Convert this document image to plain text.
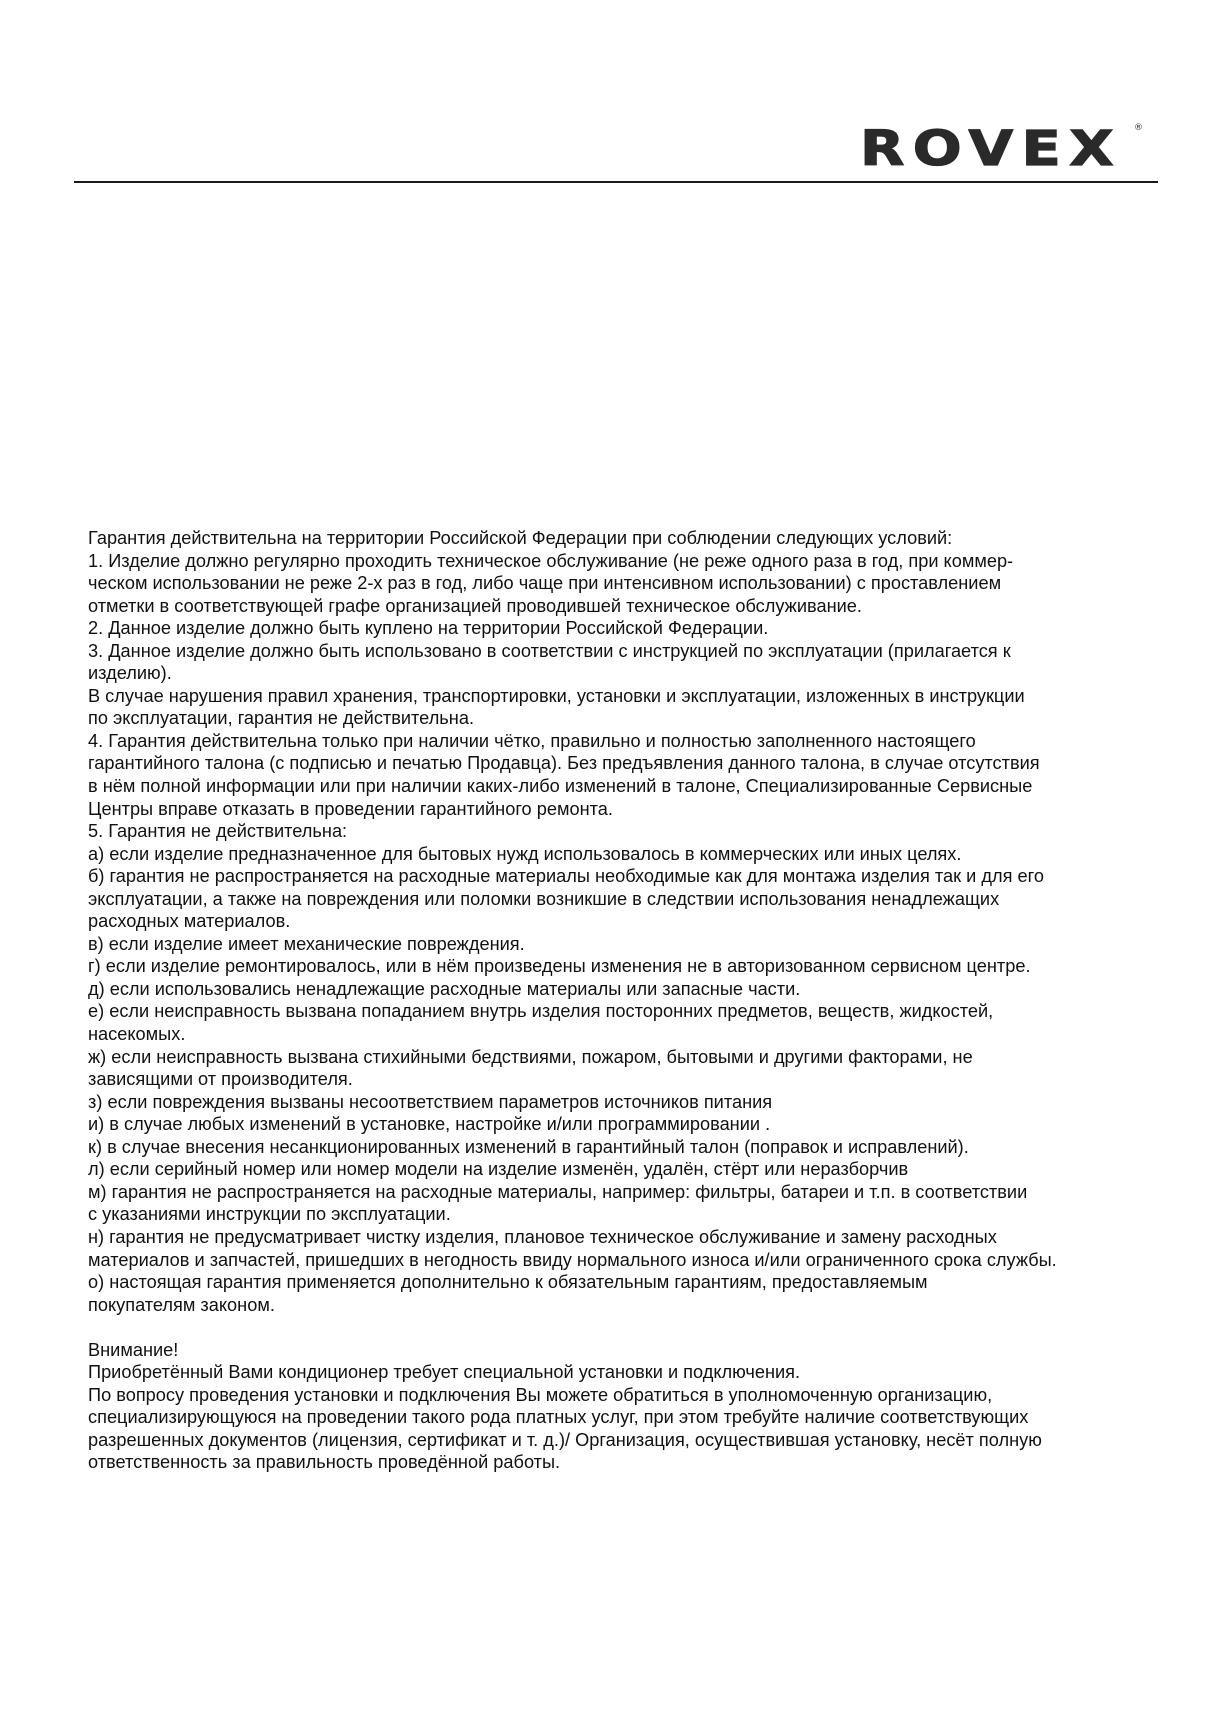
ROVEX ®
Гарантия действительна на территории Российской Федерации при соблюдении следующих условий:
1. Изделие должно регулярно проходить техническое обслуживание (не реже одного раза в год, при коммер-
ческом использовании не реже 2-х раз в год, либо чаще при интенсивном использовании) с проставлением
отметки в соответствующей графе организацией проводившей техническое обслуживание.
2. Данное изделие должно быть куплено на территории Российской Федерации.
3. Данное изделие должно быть использовано в соответствии с инструкцией по эксплуатации (прилагается к
изделию).
В случае нарушения правил хранения, транспортировки, установки и эксплуатации, изложенных в инструкции
по эксплуатации, гарантия не действительна.
4. Гарантия действительна только при наличии чётко, правильно и полностью заполненного настоящего
гарантийного талона (с подписью и печатью Продавца). Без предъявления данного талона, в случае отсутствия
в нём полной информации или при наличии каких-либо изменений в талоне, Специализированные Сервисные
Центры вправе отказать в проведении гарантийного ремонта.
5. Гарантия не действительна:
а) если изделие предназначенное для бытовых нужд использовалось в коммерческих или иных целях.
б) гарантия не распространяется на расходные материалы необходимые как для монтажа изделия так и для его
эксплуатации, а также на повреждения или поломки возникшие в следствии использования ненадлежащих
расходных материалов.
в) если изделие имеет механические повреждения.
г) если изделие ремонтировалось, или в нём произведены изменения не в авторизованном сервисном центре.
д) если использовались ненадлежащие расходные материалы или запасные части.
е) если неисправность вызвана попаданием внутрь изделия посторонних предметов, веществ, жидкостей,
насекомых.
ж) если неисправность вызвана стихийными бедствиями, пожаром, бытовыми и другими факторами, не
зависящими от производителя.
з) если повреждения вызваны несоответствием параметров источников питания
и) в случае любых изменений в установке, настройке и/или программировании .
к) в случае внесения несанкционированных изменений в гарантийный талон (поправок и исправлений).
л) если серийный номер или номер модели на изделие изменён, удалён, стёрт или неразборчив
м) гарантия не распространяется на расходные материалы, например: фильтры, батареи и т.п. в соответствии
с указаниями инструкции по эксплуатации.
н) гарантия не предусматривает чистку изделия, плановое техническое обслуживание и замену расходных
материалов и запчастей, пришедших в негодность ввиду нормального износа и/или ограниченного срока службы.
о) настоящая гарантия применяется дополнительно к обязательным гарантиям, предоставляемым
покупателям законом.
Внимание!
Приобретённый Вами кондиционер требует специальной установки и подключения.
По вопросу проведения установки и подключения Вы можете обратиться в уполномоченную организацию,
специализирующуюся на проведении такого рода платных услуг, при этом требуйте наличие соответствующих
разрешенных документов (лицензия, сертификат и т. д.)/ Организация, осуществившая установку, несёт полную
ответственность за правильность проведённой работы.
